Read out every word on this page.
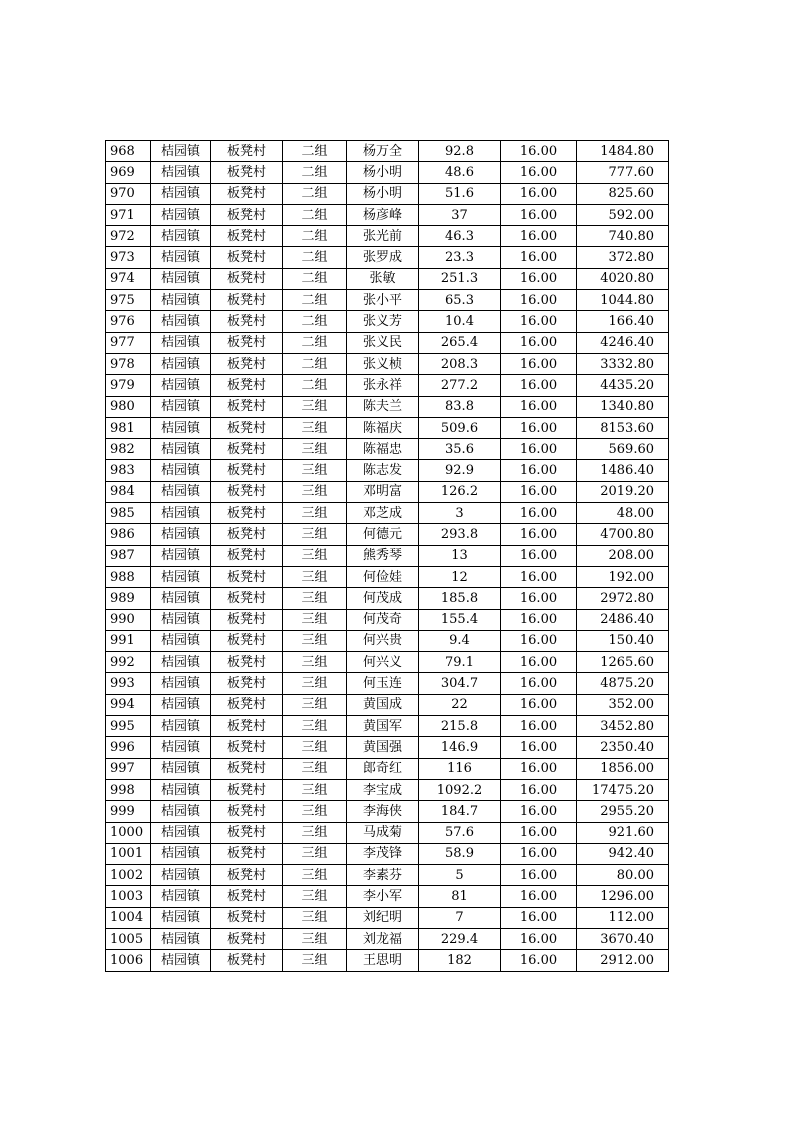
968	桔园镇	板凳村	二组	杨万全	92.8	16.00	1484.80
969	桔园镇	板凳村	二组	杨小明	48.6	16.00	777.60
970	桔园镇	板凳村	二组	杨小明	51.6	16.00	825.60
971	桔园镇	板凳村	二组	杨彦峰	37	16.00	592.00
972	桔园镇	板凳村	二组	张光前	46.3	16.00	740.80
973	桔园镇	板凳村	二组	张罗成	23.3	16.00	372.80
974	桔园镇	板凳村	二组	张敏	251.3	16.00	4020.80
975	桔园镇	板凳村	二组	张小平	65.3	16.00	1044.80
976	桔园镇	板凳村	二组	张义芳	10.4	16.00	166.40
977	桔园镇	板凳村	二组	张义民	265.4	16.00	4246.40
978	桔园镇	板凳村	二组	张义桢	208.3	16.00	3332.80
979	桔园镇	板凳村	二组	张永祥	277.2	16.00	4435.20
980	桔园镇	板凳村	三组	陈夫兰	83.8	16.00	1340.80
981	桔园镇	板凳村	三组	陈福庆	509.6	16.00	8153.60
982	桔园镇	板凳村	三组	陈福忠	35.6	16.00	569.60
983	桔园镇	板凳村	三组	陈志发	92.9	16.00	1486.40
984	桔园镇	板凳村	三组	邓明富	126.2	16.00	2019.20
985	桔园镇	板凳村	三组	邓芝成	3	16.00	48.00
986	桔园镇	板凳村	三组	何德元	293.8	16.00	4700.80
987	桔园镇	板凳村	三组	熊秀琴	13	16.00	208.00
988	桔园镇	板凳村	三组	何俭娃	12	16.00	192.00
989	桔园镇	板凳村	三组	何茂成	185.8	16.00	2972.80
990	桔园镇	板凳村	三组	何茂奇	155.4	16.00	2486.40
991	桔园镇	板凳村	三组	何兴贵	9.4	16.00	150.40
992	桔园镇	板凳村	三组	何兴义	79.1	16.00	1265.60
993	桔园镇	板凳村	三组	何玉连	304.7	16.00	4875.20
994	桔园镇	板凳村	三组	黄国成	22	16.00	352.00
995	桔园镇	板凳村	三组	黄国军	215.8	16.00	3452.80
996	桔园镇	板凳村	三组	黄国强	146.9	16.00	2350.40
997	桔园镇	板凳村	三组	郎奇红	116	16.00	1856.00
998	桔园镇	板凳村	三组	李宝成	1092.2	16.00	17475.20
999	桔园镇	板凳村	三组	李海侠	184.7	16.00	2955.20
1000	桔园镇	板凳村	三组	马成菊	57.6	16.00	921.60
1001	桔园镇	板凳村	三组	李茂锋	58.9	16.00	942.40
1002	桔园镇	板凳村	三组	李素芬	5	16.00	80.00
1003	桔园镇	板凳村	三组	李小军	81	16.00	1296.00
1004	桔园镇	板凳村	三组	刘纪明	7	16.00	112.00
1005	桔园镇	板凳村	三组	刘龙福	229.4	16.00	3670.40
1006	桔园镇	板凳村	三组	王思明	182	16.00	2912.00
